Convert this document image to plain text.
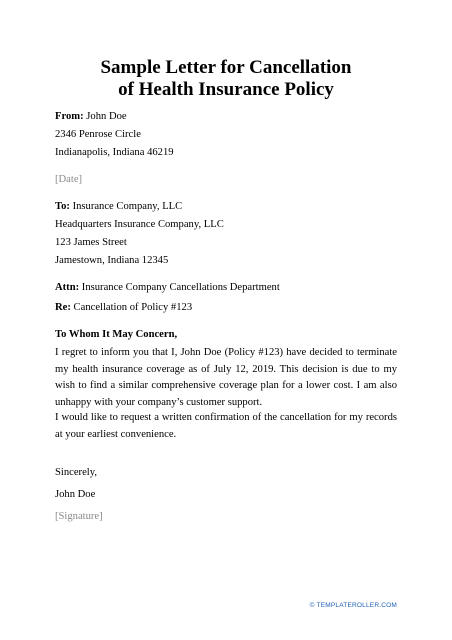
Sample Letter for Cancellation
of Health Insurance Policy
From: John Doe
2346 Penrose Circle
Indianapolis, Indiana 46219
[Date]
To: Insurance Company, LLC
Headquarters Insurance Company, LLC
123 James Street
Jamestown, Indiana 12345
Attn: Insurance Company Cancellations Department
Re: Cancellation of Policy #123
To Whom It May Concern,
I regret to inform you that I, John Doe (Policy #123) have decided to terminate my health insurance coverage as of July 12, 2019. This decision is due to my wish to find a similar comprehensive coverage plan for a lower cost. I am also unhappy with your company’s customer support.
I would like to request a written confirmation of the cancellation for my records at your earliest convenience.
Sincerely,
John Doe
[Signature]
© TEMPLATEROLLER.COM
